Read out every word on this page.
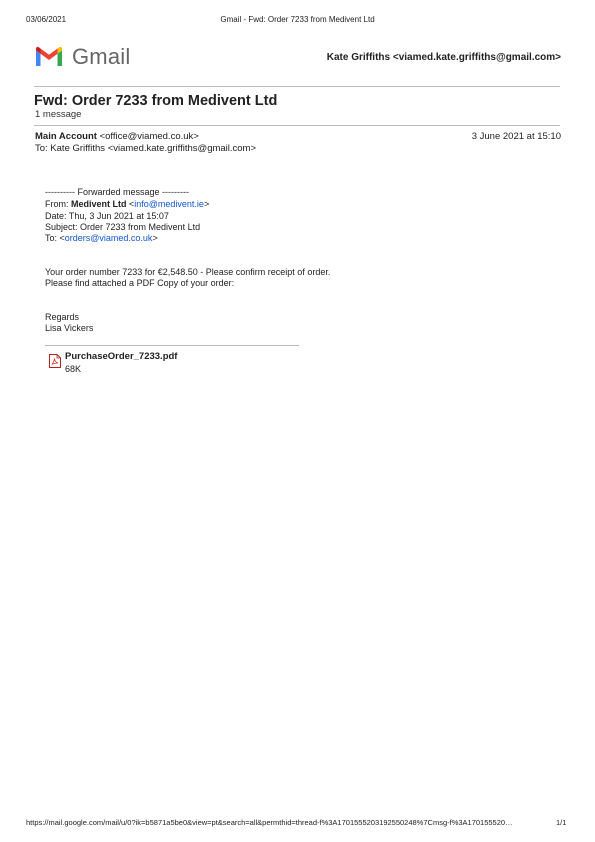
03/06/2021	Gmail - Fwd: Order 7233 from Medivent Ltd
Gmail	Kate Griffiths <viamed.kate.griffiths@gmail.com>
Fwd: Order 7233 from Medivent Ltd
1 message
Main Account <office@viamed.co.uk>	3 June 2021 at 15:10
To: Kate Griffiths <viamed.kate.griffiths@gmail.com>
---------- Forwarded message ---------
From: Medivent Ltd <info@medivent.ie>
Date: Thu, 3 Jun 2021 at 15:07
Subject: Order 7233 from Medivent Ltd
To: <orders@viamed.co.uk>
Your order number 7233 for €2,548.50 - Please confirm receipt of order.
Please find attached a PDF Copy of your order:
Regards
Lisa Vickers
PurchaseOrder_7233.pdf
68K
https://mail.google.com/mail/u/0?ik=b5871a5be0&view=pt&search=all&permthid=thread-f%3A1701555203192550248%7Cmsg-f%3A170155520…	1/1
